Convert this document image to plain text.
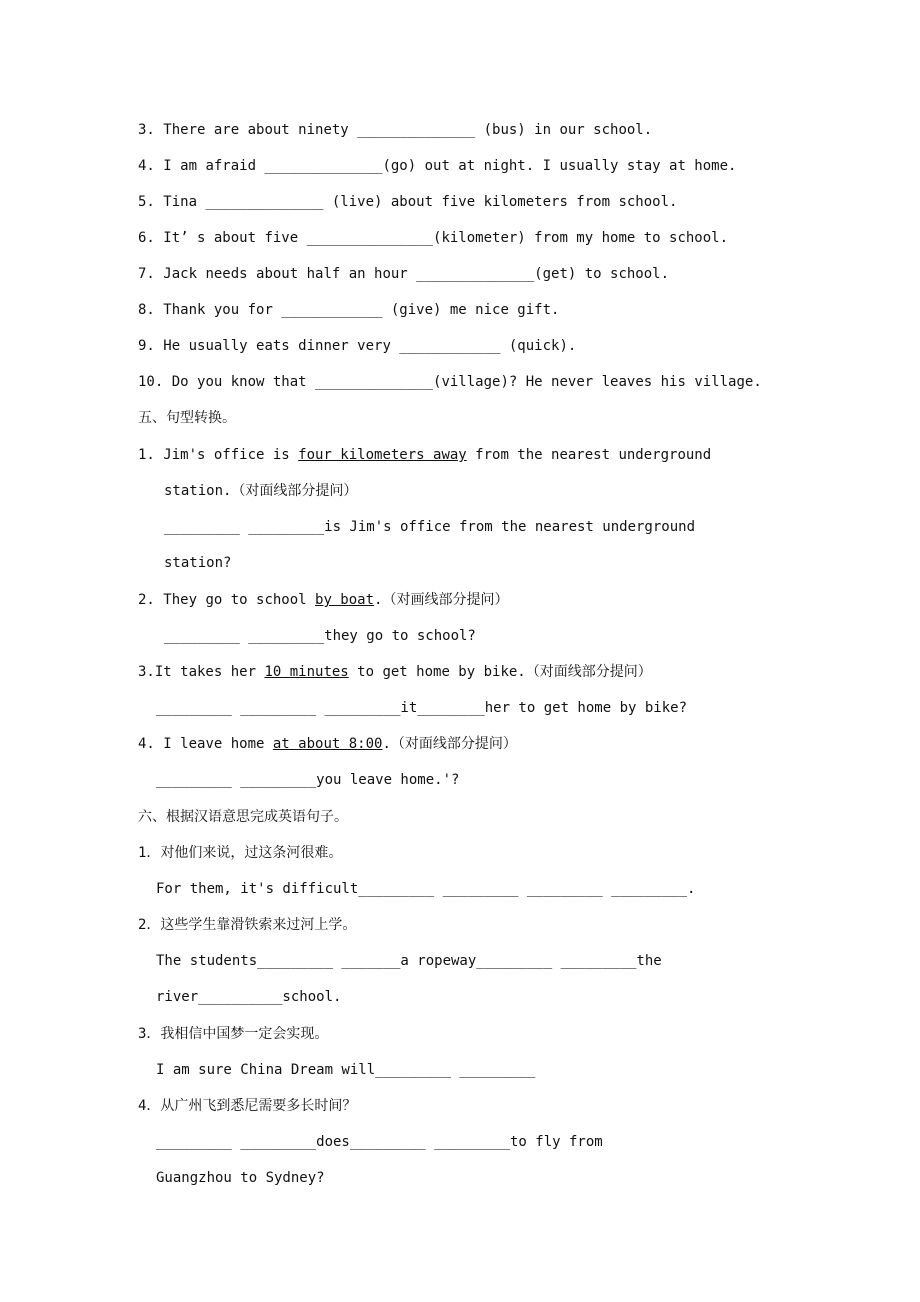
3. There are about ninety ______________ (bus) in our school.
4. I am afraid ______________(go) out at night. I usually stay at home.
5. Tina ______________ (live) about five kilometers from school.
6. It’ s about five _______________(kilometer) from my home to school.
7. Jack needs about half an hour ______________(get) to school.
8. Thank you for ____________ (give) me nice gift.
9. He usually eats dinner very ____________ (quick).
10. Do you know that ______________(village)? He never leaves his village.
五、句型转换。
1. Jim's office is four kilometers away from the nearest underground
station.（对面线部分提问）
_________ _________is Jim's office from the nearest underground
station?
2. They go to school by boat.（对画线部分提问）
_________ _________they go to school?
3.It takes her 10 minutes to get home by bike.（对面线部分提问）
_________ _________ _________it________her to get home by bike?
4. I leave home at about 8:00.（对面线部分提问）
_________ _________you leave home.'?
六、根据汉语意思完成英语句子。
1．对他们来说，过这条河很难。
For them, it's difficult_________ _________ _________ _________.
2．这些学生靠滑铁索来过河上学。
The students_________ _______a ropeway_________ _________the
river__________school.
3．我相信中国梦一定会实现。
I am sure China Dream will_________ _________
4．从广州飞到悉尼需要多长时间？
_________ _________does_________ _________to fly from
Guangzhou to Sydney?
